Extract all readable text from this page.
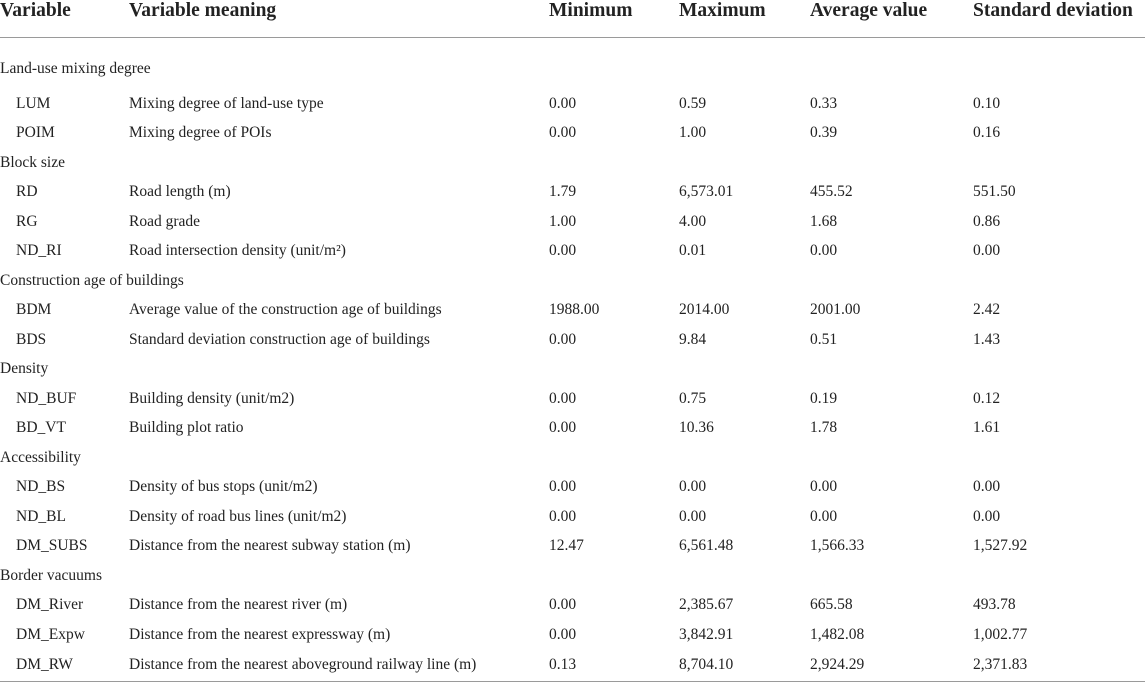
Variable		Variable meaning	Minimum	Maximum	Average value	Standard deviation
Land-use mixing degree						
	LUM	Mixing degree of land-use type	0.00	0.59	0.33	0.10
	POIM	Mixing degree of POIs	0.00	1.00	0.39	0.16
Block size						
	RD	Road length (m)	1.79	6,573.01	455.52	551.50
	RG	Road grade	1.00	4.00	1.68	0.86
	ND_RI	Road intersection density (unit/m²)	0.00	0.01	0.00	0.00
Construction age of buildings						
	BDM	Average value of the construction age of buildings	1988.00	2014.00	2001.00	2.42
	BDS	Standard deviation construction age of buildings	0.00	9.84	0.51	1.43
Density						
	ND_BUF	Building density (unit/m2)	0.00	0.75	0.19	0.12
	BD_VT	Building plot ratio	0.00	10.36	1.78	1.61
Accessibility						
	ND_BS	Density of bus stops (unit/m2)	0.00	0.00	0.00	0.00
	ND_BL	Density of road bus lines (unit/m2)	0.00	0.00	0.00	0.00
	DM_SUBS	Distance from the nearest subway station (m)	12.47	6,561.48	1,566.33	1,527.92
Border vacuums						
	DM_River	Distance from the nearest river (m)	0.00	2,385.67	665.58	493.78
	DM_Expw	Distance from the nearest expressway (m)	0.00	3,842.91	1,482.08	1,002.77
	DM_RW	Distance from the nearest aboveground railway line (m)	0.13	8,704.10	2,924.29	2,371.83
